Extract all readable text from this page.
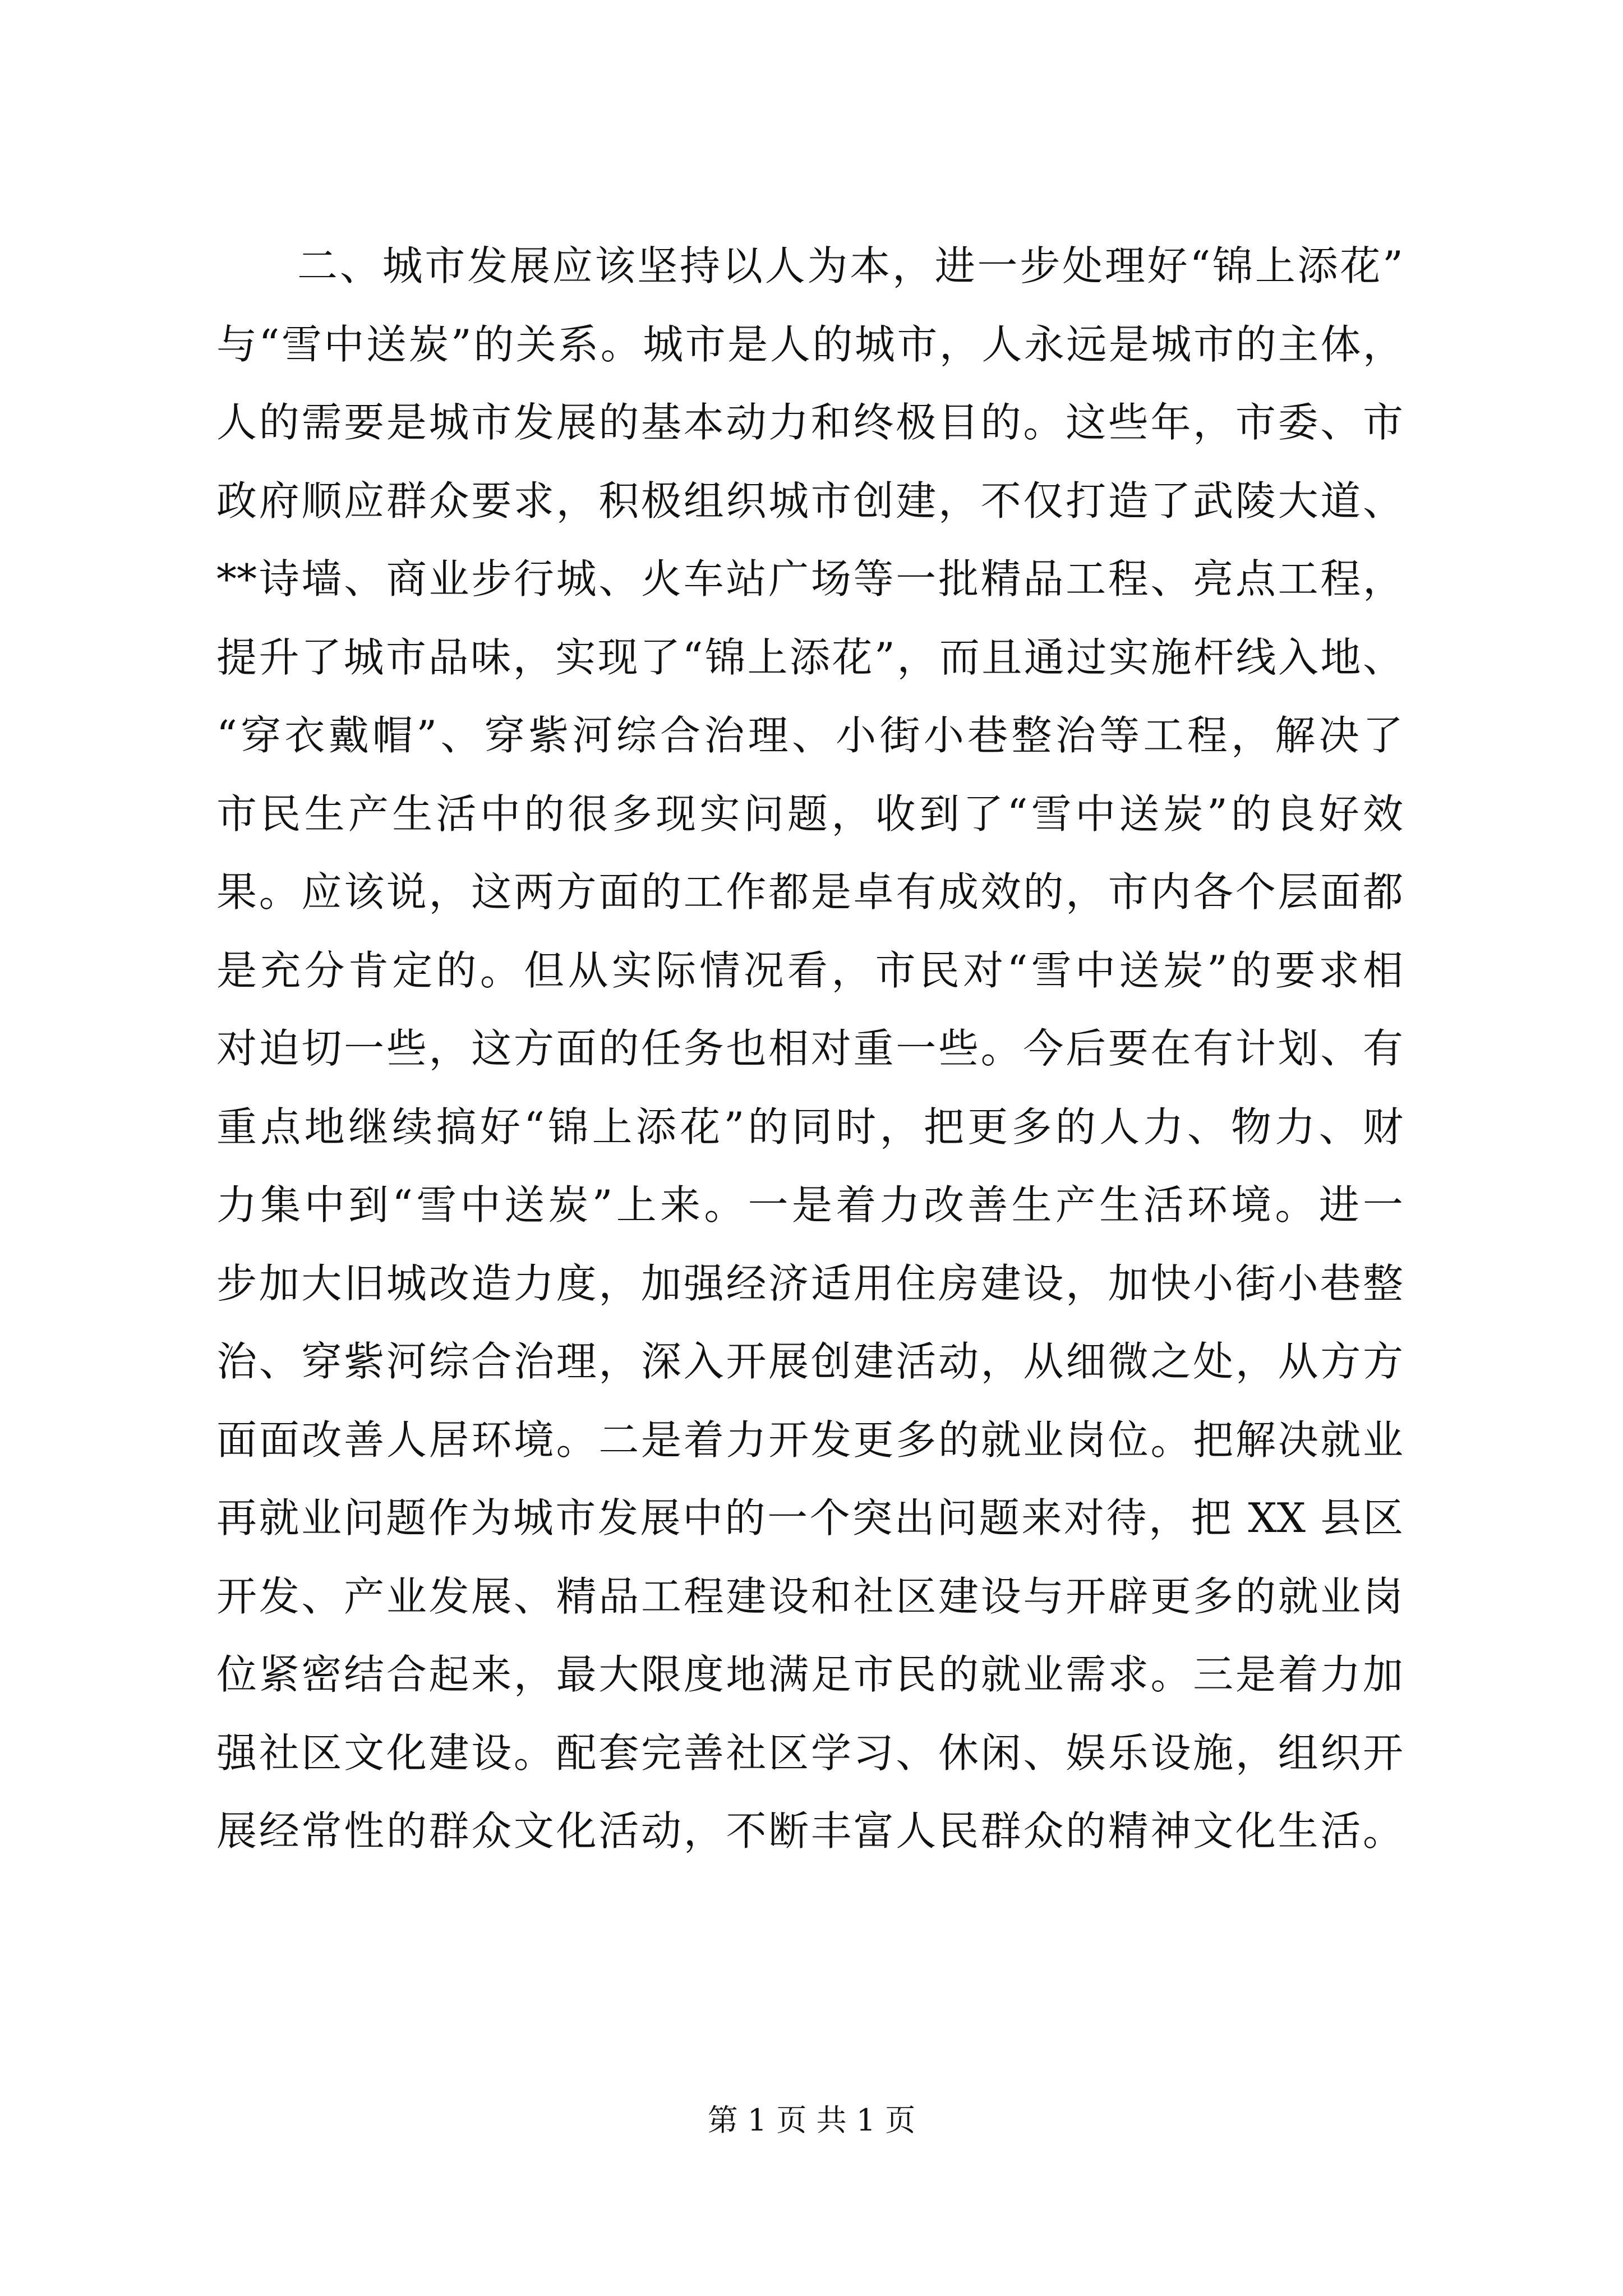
二、城市发展应该坚持以人为本，进一步处理好“锦上添花”
与“雪中送炭”的关系。城市是人的城市，人永远是城市的主体，
人的需要是城市发展的基本动力和终极目的。这些年，市委、市
政府顺应群众要求，积极组织城市创建，不仅打造了武陵大道、
**诗墙、商业步行城、火车站广场等一批精品工程、亮点工程，
提升了城市品味，实现了“锦上添花”，而且通过实施杆线入地、
“穿衣戴帽”、穿紫河综合治理、小街小巷整治等工程，解决了
市民生产生活中的很多现实问题，收到了“雪中送炭”的良好效
果。应该说，这两方面的工作都是卓有成效的，市内各个层面都
是充分肯定的。但从实际情况看，市民对“雪中送炭”的要求相
对迫切一些，这方面的任务也相对重一些。今后要在有计划、有
重点地继续搞好“锦上添花”的同时，把更多的人力、物力、财
力集中到“雪中送炭”上来。一是着力改善生产生活环境。进一
步加大旧城改造力度，加强经济适用住房建设，加快小街小巷整
治、穿紫河综合治理，深入开展创建活动，从细微之处，从方方
面面改善人居环境。二是着力开发更多的就业岗位。把解决就业
再就业问题作为城市发展中的一个突出问题来对待，把 XX 县区
开发、产业发展、精品工程建设和社区建设与开辟更多的就业岗
位紧密结合起来，最大限度地满足市民的就业需求。三是着力加
强社区文化建设。配套完善社区学习、休闲、娱乐设施，组织开
展经常性的群众文化活动，不断丰富人民群众的精神文化生活。
第 1 页 共 1 页
